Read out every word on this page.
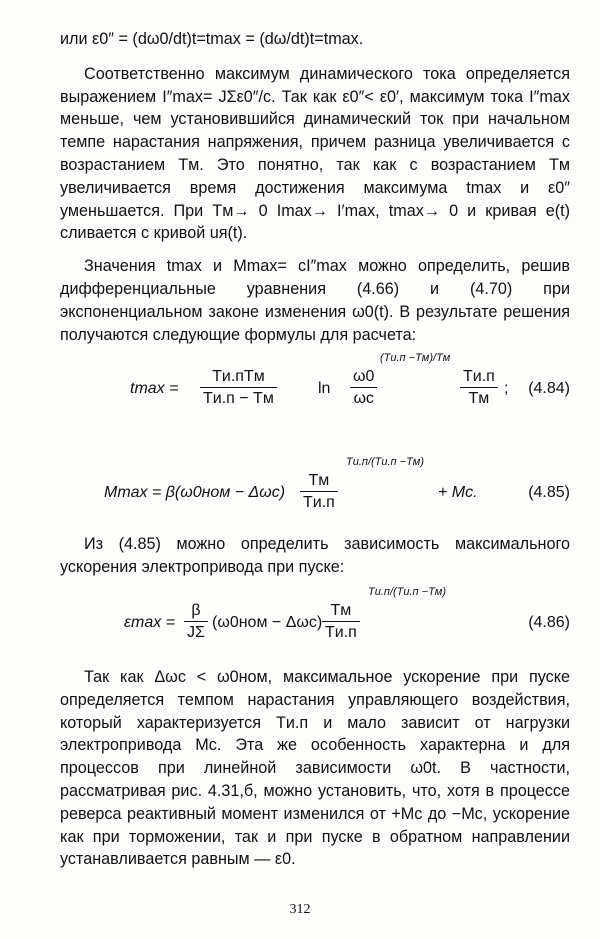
или ε0″ = (dω0/dt)t=tmax = (dω/dt)t=tmax.

Соответственно максимум динамического тока определяется выражением I″max= JΣε0″/c. Так как ε0″< ε0′, максимум тока I″max меньше, чем установившийся динамический ток при начальном темпе нарастания напряжения, причем разница увеличивается с возрастанием Tм. Это понятно, так как с возрастанием Tм увеличивается время достижения максимума tmax и ε0″ уменьшается. При Tм→ 0 Imax→ I′max, tmax→ 0 и кривая e(t) сливается с кривой uя(t).

Значения tmax и Mmax= cI″max можно определить, решив дифференциальные уравнения (4.66) и (4.70) при экспоненциальном законе изменения ω0(t). В результате решения получаются следующие формулы для расчета:

tmax =
Tи.пTм
Tи.п − Tм
$\ln \frac{\omega 0}{\omega c}$
(Tи.п −Tм)/Tм
Tи.п
Tм
; (4.84)
Mmax = β(ω0ном − Δωс)
Tм
Tи.п
Tи.п/(Tи.п −Tм)
+ Mc.	(4.85)

Из (4.85) можно определить зависимость максимального ускорения электропривода при пуске:

$\varepsilon\max = \frac{\beta}{J\Sigma} (\omega 0ном - \Delta\omega с)$
Tм
Tи.п
Tи.п/(Tи.п −Tм)
(4.86)

Так как Δωс < ω0ном, максимальное ускорение при пуске определяется темпом нарастания управляющего воздействия, который характеризуется Tи.п и мало зависит от нагрузки электропривода Mc. Эта же особенность характерна и для процессов при линейной зависимости ω0t. В частности, рассматривая рис. 4.31,б, можно установить, что, хотя в процессе реверса реактивный момент изменился от +Mc до −Mc, ускорение как при торможении, так и при пуске в обратном направлении устанавливается равным — ε0.

312
